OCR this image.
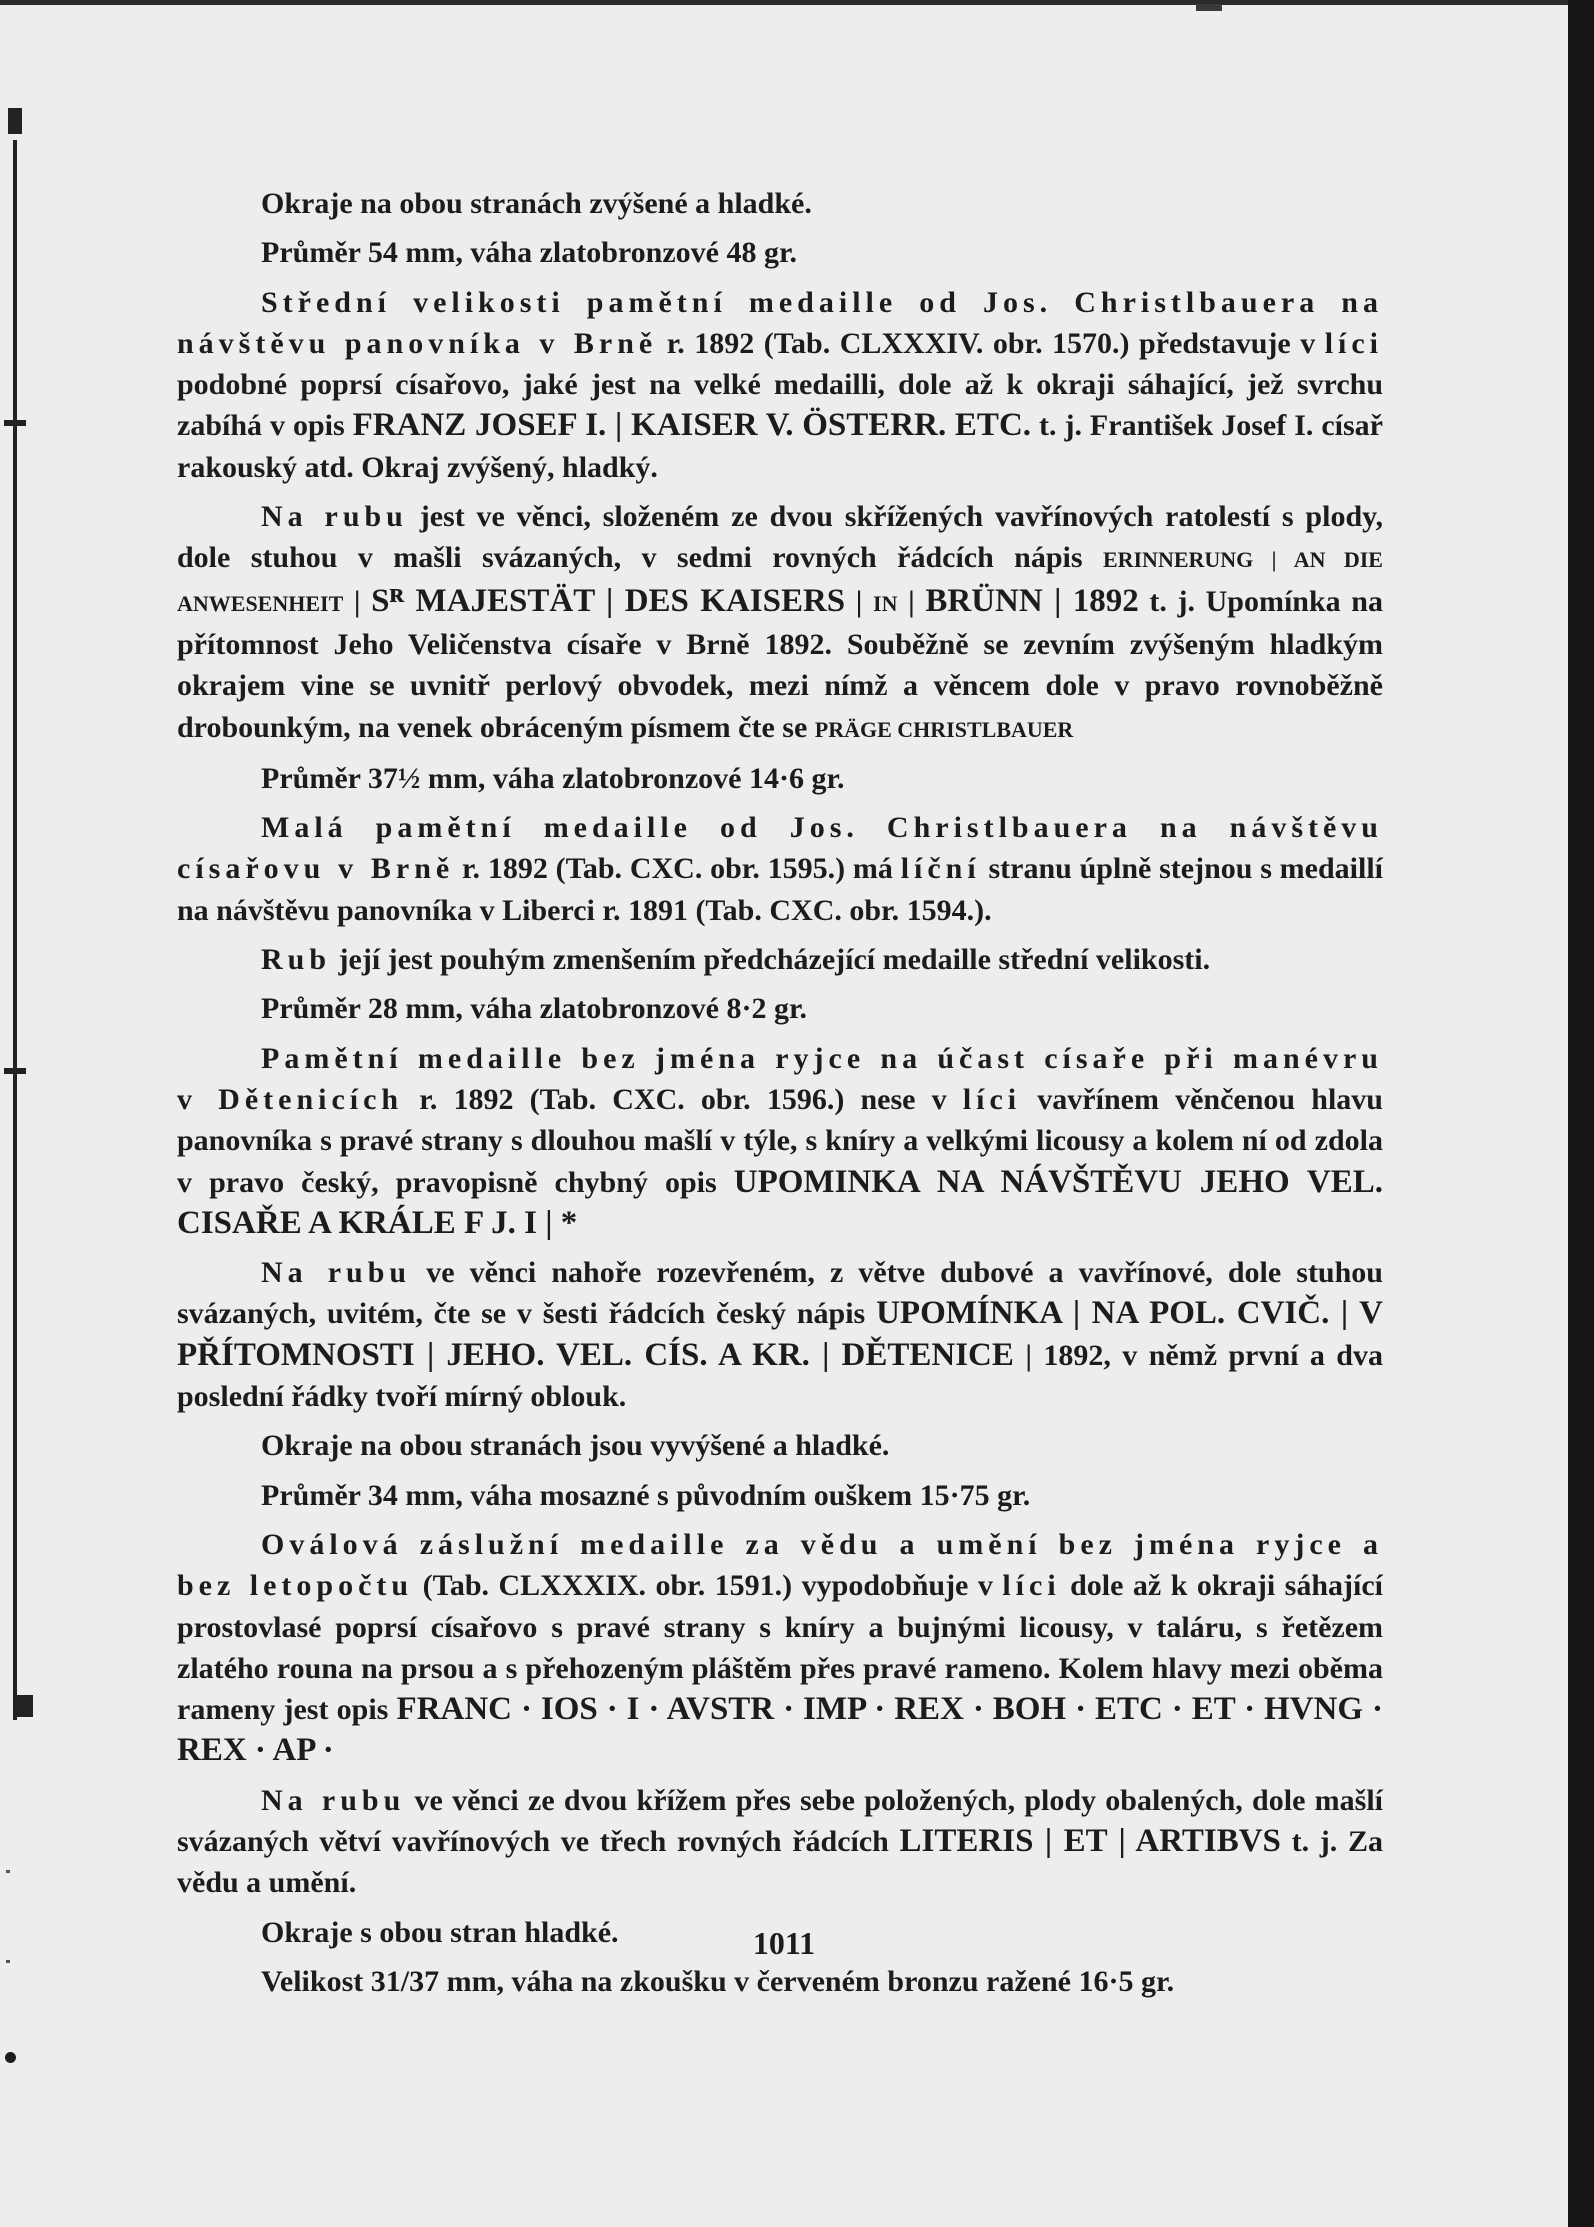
Okraje na obou stranách zvýšené a hladké.

Průměr 54 mm, váha zlatobronzové 48 gr.

Střední velikosti pamětní medaille od Jos. Christlbauera na návštěvu panovníka v Brně r. 1892 (Tab. CLXXXIV. obr. 1570.) představuje v líci podobné poprsí císařovo, jaké jest na velké medailli, dole až k okraji sáhající, jež svrchu zabíhá v opis FRANZ JOSEF I. | KAISER V. ÖSTERR. ETC. t. j. František Josef I. císař rakouský atd. Okraj zvýšený, hladký.

Na rubu jest ve věnci, složeném ze dvou skřížených vavřínových ratolestí s plody, dole stuhou v mašli svázaných, v sedmi rovných řádcích nápis ERINNERUNG | AN DIE ANWESENHEIT | Sᴿ MAJESTÄT | DES KAISERS | IN | BRÜNN | 1892 t. j. Upomínka na přítomnost Jeho Veličenstva císaře v Brně 1892. Souběžně se zevním zvýšeným hladkým okrajem vine se uvnitř perlový obvodek, mezi nímž a věncem dole v pravo rovnoběžně drobounkým, na venek obráceným písmem čte se PRÄGE CHRISTLBAUER

Průměr 37½ mm, váha zlatobronzové 14·6 gr.

Malá pamětní medaille od Jos. Christlbauera na návštěvu císařovu v Brně r. 1892 (Tab. CXC. obr. 1595.) má líční stranu úplně stejnou s medaillí na návštěvu panovníka v Liberci r. 1891 (Tab. CXC. obr. 1594.).

Rub její jest pouhým zmenšením předcházející medaille střední velikosti.

Průměr 28 mm, váha zlatobronzové 8·2 gr.

Pamětní medaille bez jména ryjce na účast císaře při manévru v Dětenicích r. 1892 (Tab. CXC. obr. 1596.) nese v líci vavřínem věnčenou hlavu panovníka s pravé strany s dlouhou mašlí v týle, s kníry a velkými licousy a kolem ní od zdola v pravo český, pravopisně chybný opis UPOMINKA NA NÁVŠTĚVU JEHO VEL. CISAŘE A KRÁLE F J. I | *

Na rubu ve věnci nahoře rozevřeném, z větve dubové a vavřínové, dole stuhou svázaných, uvitém, čte se v šesti řádcích český nápis UPOMÍNKA | NA POL. CVIČ. | V PŘÍTOMNOSTI | JEHO. VEL. CÍS. A KR. | DĚTENICE | 1892, v němž první a dva poslední řádky tvoří mírný oblouk.

Okraje na obou stranách jsou vyvýšené a hladké.

Průměr 34 mm, váha mosazné s původním ouškem 15·75 gr.

Oválová záslužní medaille za vědu a umění bez jména ryjce a bez letopočtu (Tab. CLXXXIX. obr. 1591.) vypodobňuje v líci dole až k okraji sáhající prostovlasé poprsí císařovo s pravé strany s kníry a bujnými licousy, v taláru, s řetězem zlatého rouna na prsou a s přehozeným pláštěm přes pravé rameno. Kolem hlavy mezi oběma rameny jest opis FRANC · IOS · I · AVSTR · IMP · REX · BOH · ETC · ET · HVNG · REX · AP ·

Na rubu ve věnci ze dvou křížem přes sebe položených, plody obalených, dole mašlí svázaných větví vavřínových ve třech rovných řádcích LITERIS | ET | ARTIBVS t. j. Za vědu a umění.

Okraje s obou stran hladké.

Velikost 31/37 mm, váha na zkoušku v červeném bronzu ražené 16·5 gr.

1011
